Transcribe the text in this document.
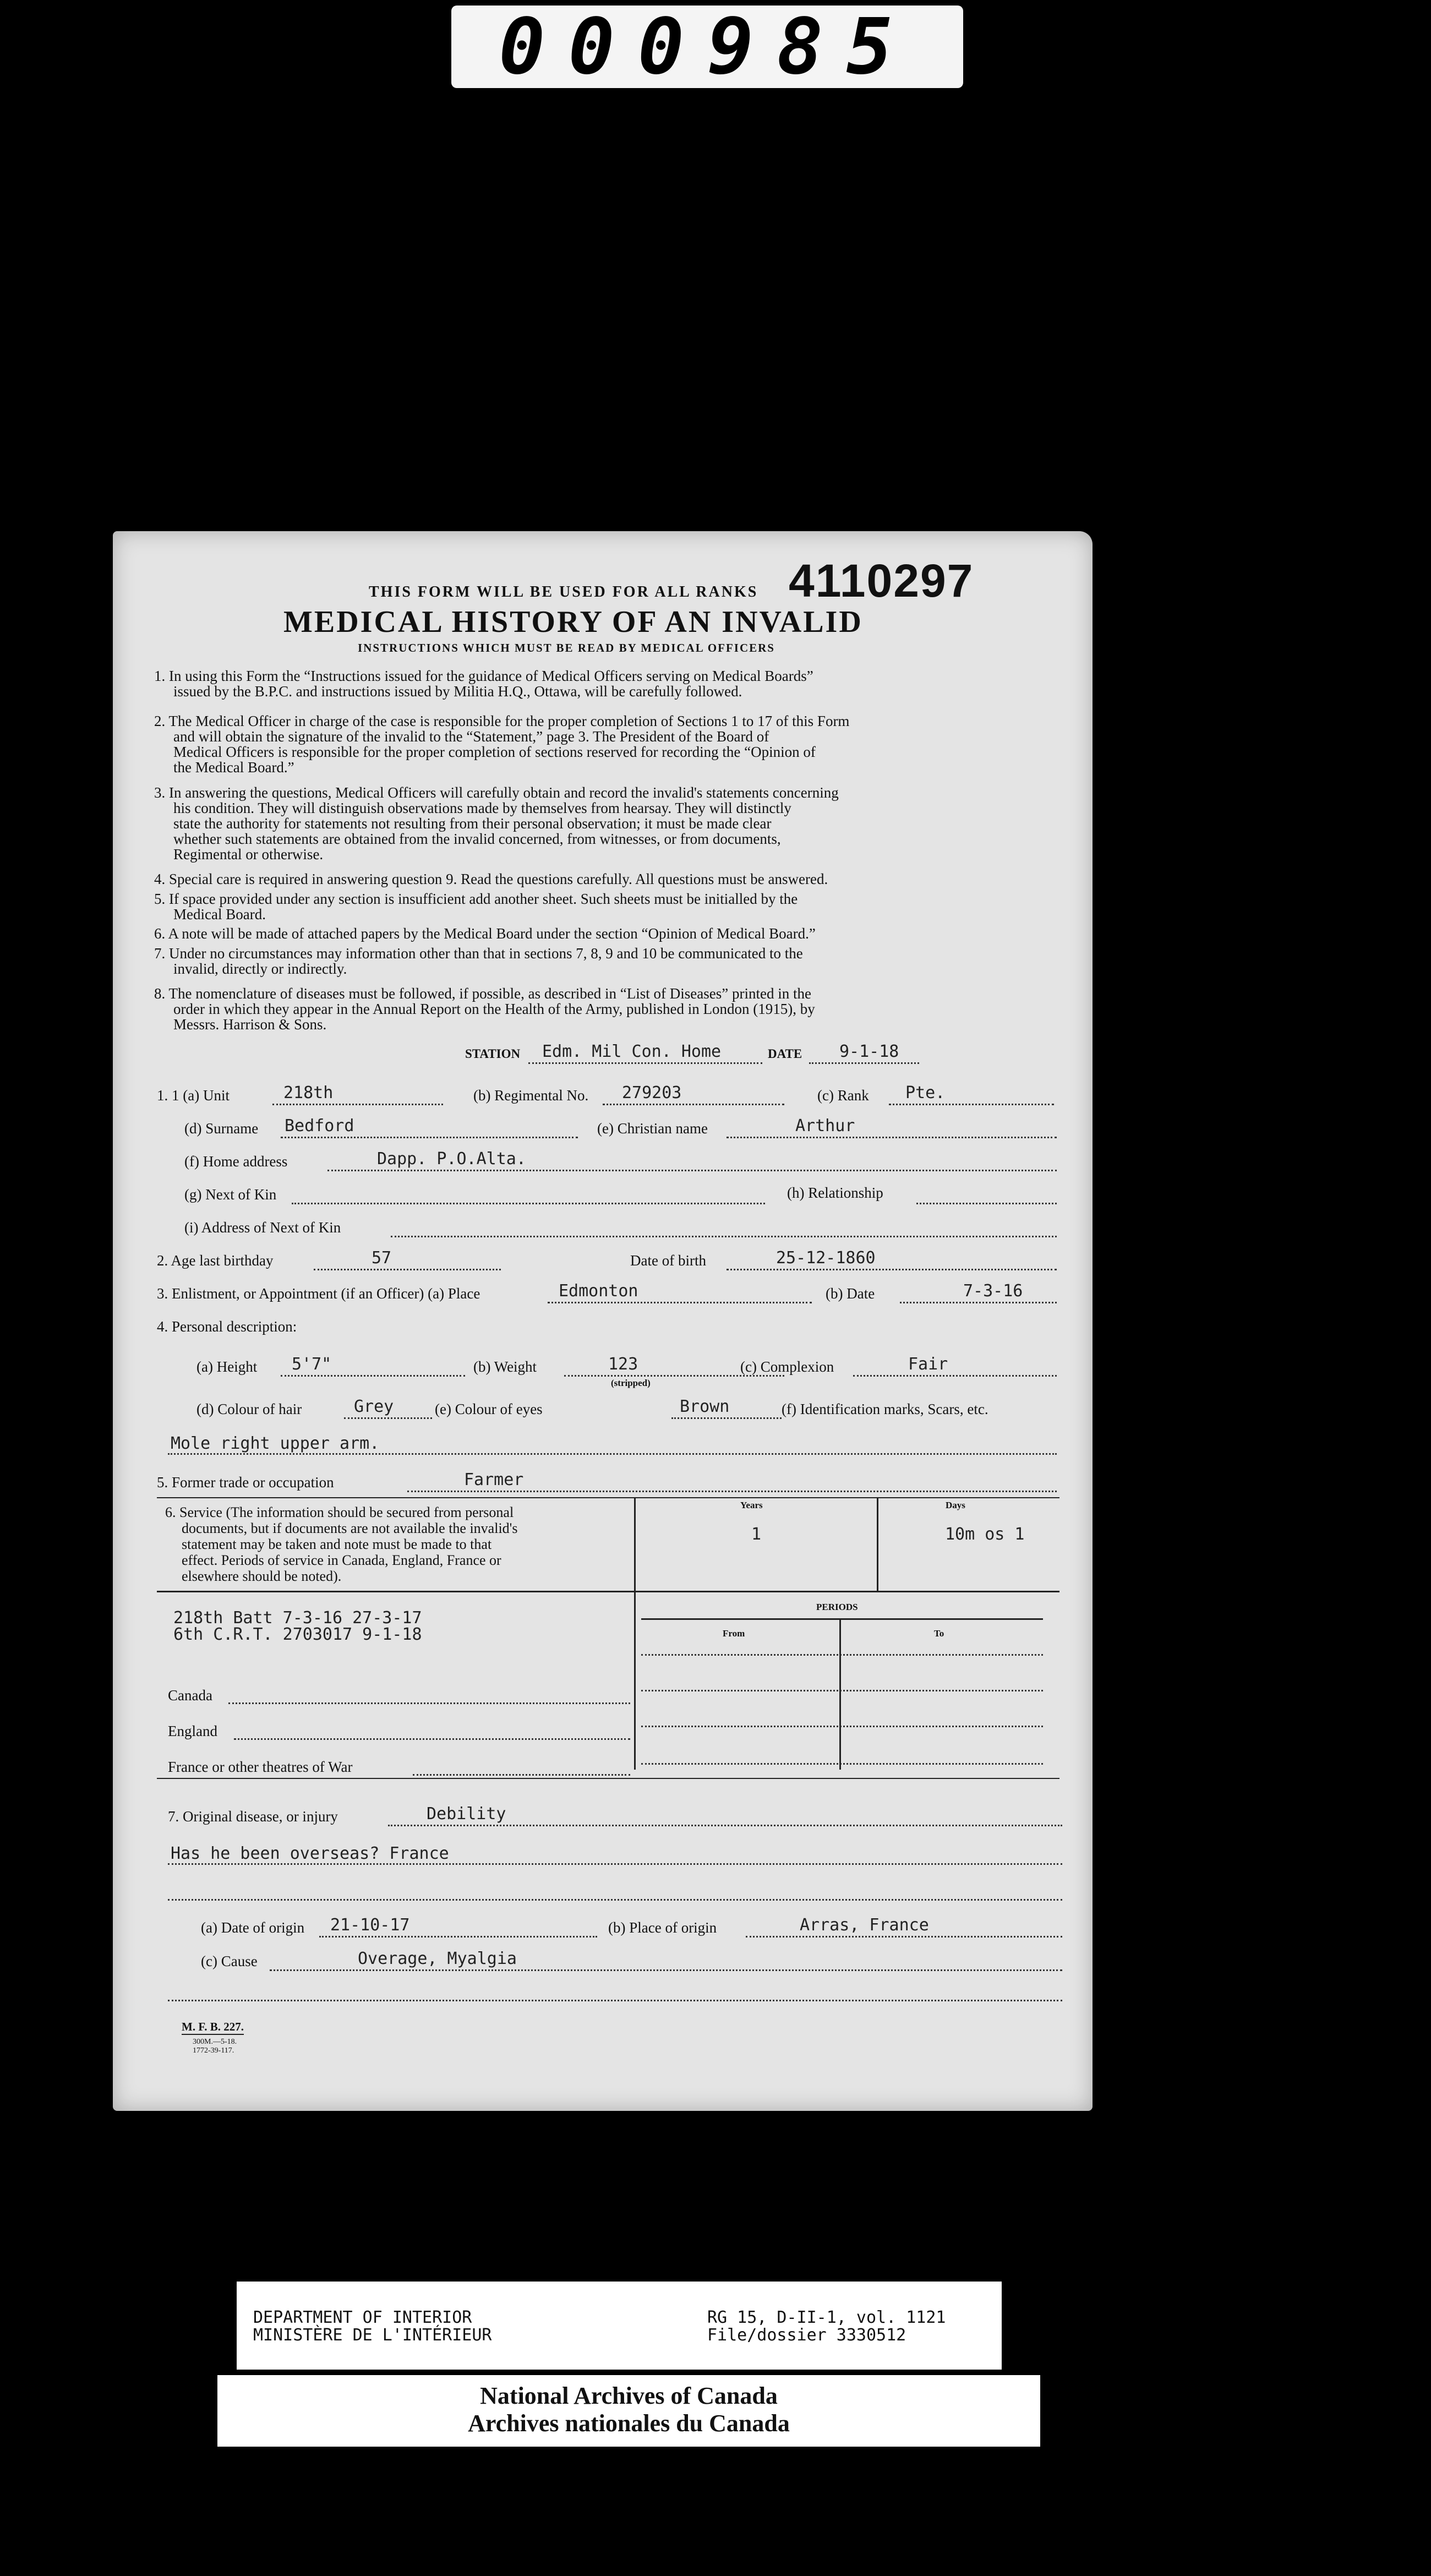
000985
4110297
THIS FORM WILL BE USED FOR ALL RANKS
MEDICAL HISTORY OF AN INVALID
INSTRUCTIONS WHICH MUST BE READ BY MEDICAL OFFICERS
1. In using this Form the “Instructions issued for the guidance of Medical Officers serving on Medical Boards”
issued by the B.P.C. and instructions issued by Militia H.Q., Ottawa, will be carefully followed.
2. The Medical Officer in charge of the case is responsible for the proper completion of Sections 1 to 17 of this Form
and will obtain the signature of the invalid to the “Statement,” page 3. The President of the Board of
Medical Officers is responsible for the proper completion of sections reserved for recording the “Opinion of
the Medical Board.”
3. In answering the questions, Medical Officers will carefully obtain and record the invalid's statements concerning
his condition. They will distinguish observations made by themselves from hearsay. They will distinctly
state the authority for statements not resulting from their personal observation; it must be made clear
whether such statements are obtained from the invalid concerned, from witnesses, or from documents,
Regimental or otherwise.
4. Special care is required in answering question 9. Read the questions carefully. All questions must be answered.
5. If space provided under any section is insufficient add another sheet. Such sheets must be initialled by the
Medical Board.
6. A note will be made of attached papers by the Medical Board under the section “Opinion of Medical Board.”
7. Under no circumstances may information other than that in sections 7, 8, 9 and 10 be communicated to the
invalid, directly or indirectly.
8. The nomenclature of diseases must be followed, if possible, as described in “List of Diseases” printed in the
order in which they appear in the Annual Report on the Health of the Army, published in London (1915), by
Messrs. Harrison & Sons.
STATION Edm. Mil Con. Home	DATE 9-1-18
1. 1 (a) Unit	218th	(b) Regimental No. 279203	(c) Rank Pte.
(d) Surname Bedford	(e) Christian name	Arthur
(f) Home address	Dapp. P.O.Alta.
(g) Next of Kin	(h) Relationship
(i) Address of Next of Kin
2. Age last birthday	57	Date of birth	25-12-1860
3. Enlistment, or Appointment (if an Officer) (a) Place	Edmonton	(b) Date	7-3-16
4. Personal description:
(a) Height 5'7"	(b) Weight	123
(stripped)
(c) Complexion	Fair
(d) Colour of hair	Grey	(e) Colour of eyes	Brown	(f) Identification marks, Scars, etc.
Mole right upper arm.
5. Former trade or occupation	Farmer
6. Service (The information should be secured from personal
documents, but if documents are not available the invalid's
statement may be taken and note must be made to that
effect. Periods of service in Canada, England, France or
elsewhere should be noted).
Years
1
Days
10m os 1
218th Batt 7-3-16 27-3-17
6th C.R.T. 2703017 9-1-18
PERIODS
From	To
Canada
England
France or other theatres of War
7. Original disease, or injury	Debility
Has he been overseas? France
(a) Date of origin 21-10-17	(b) Place of origin	Arras, France
(c) Cause	Overage, Myalgia
M. F. B. 227.
300M.—5-18.
1772-39-117.
DEPARTMENT OF INTERIOR
MINISTÈRE DE L'INTÉRIEUR
RG 15, D-II-1, vol. 1121
File/dossier 3330512
National Archives of Canada
Archives nationales du Canada
